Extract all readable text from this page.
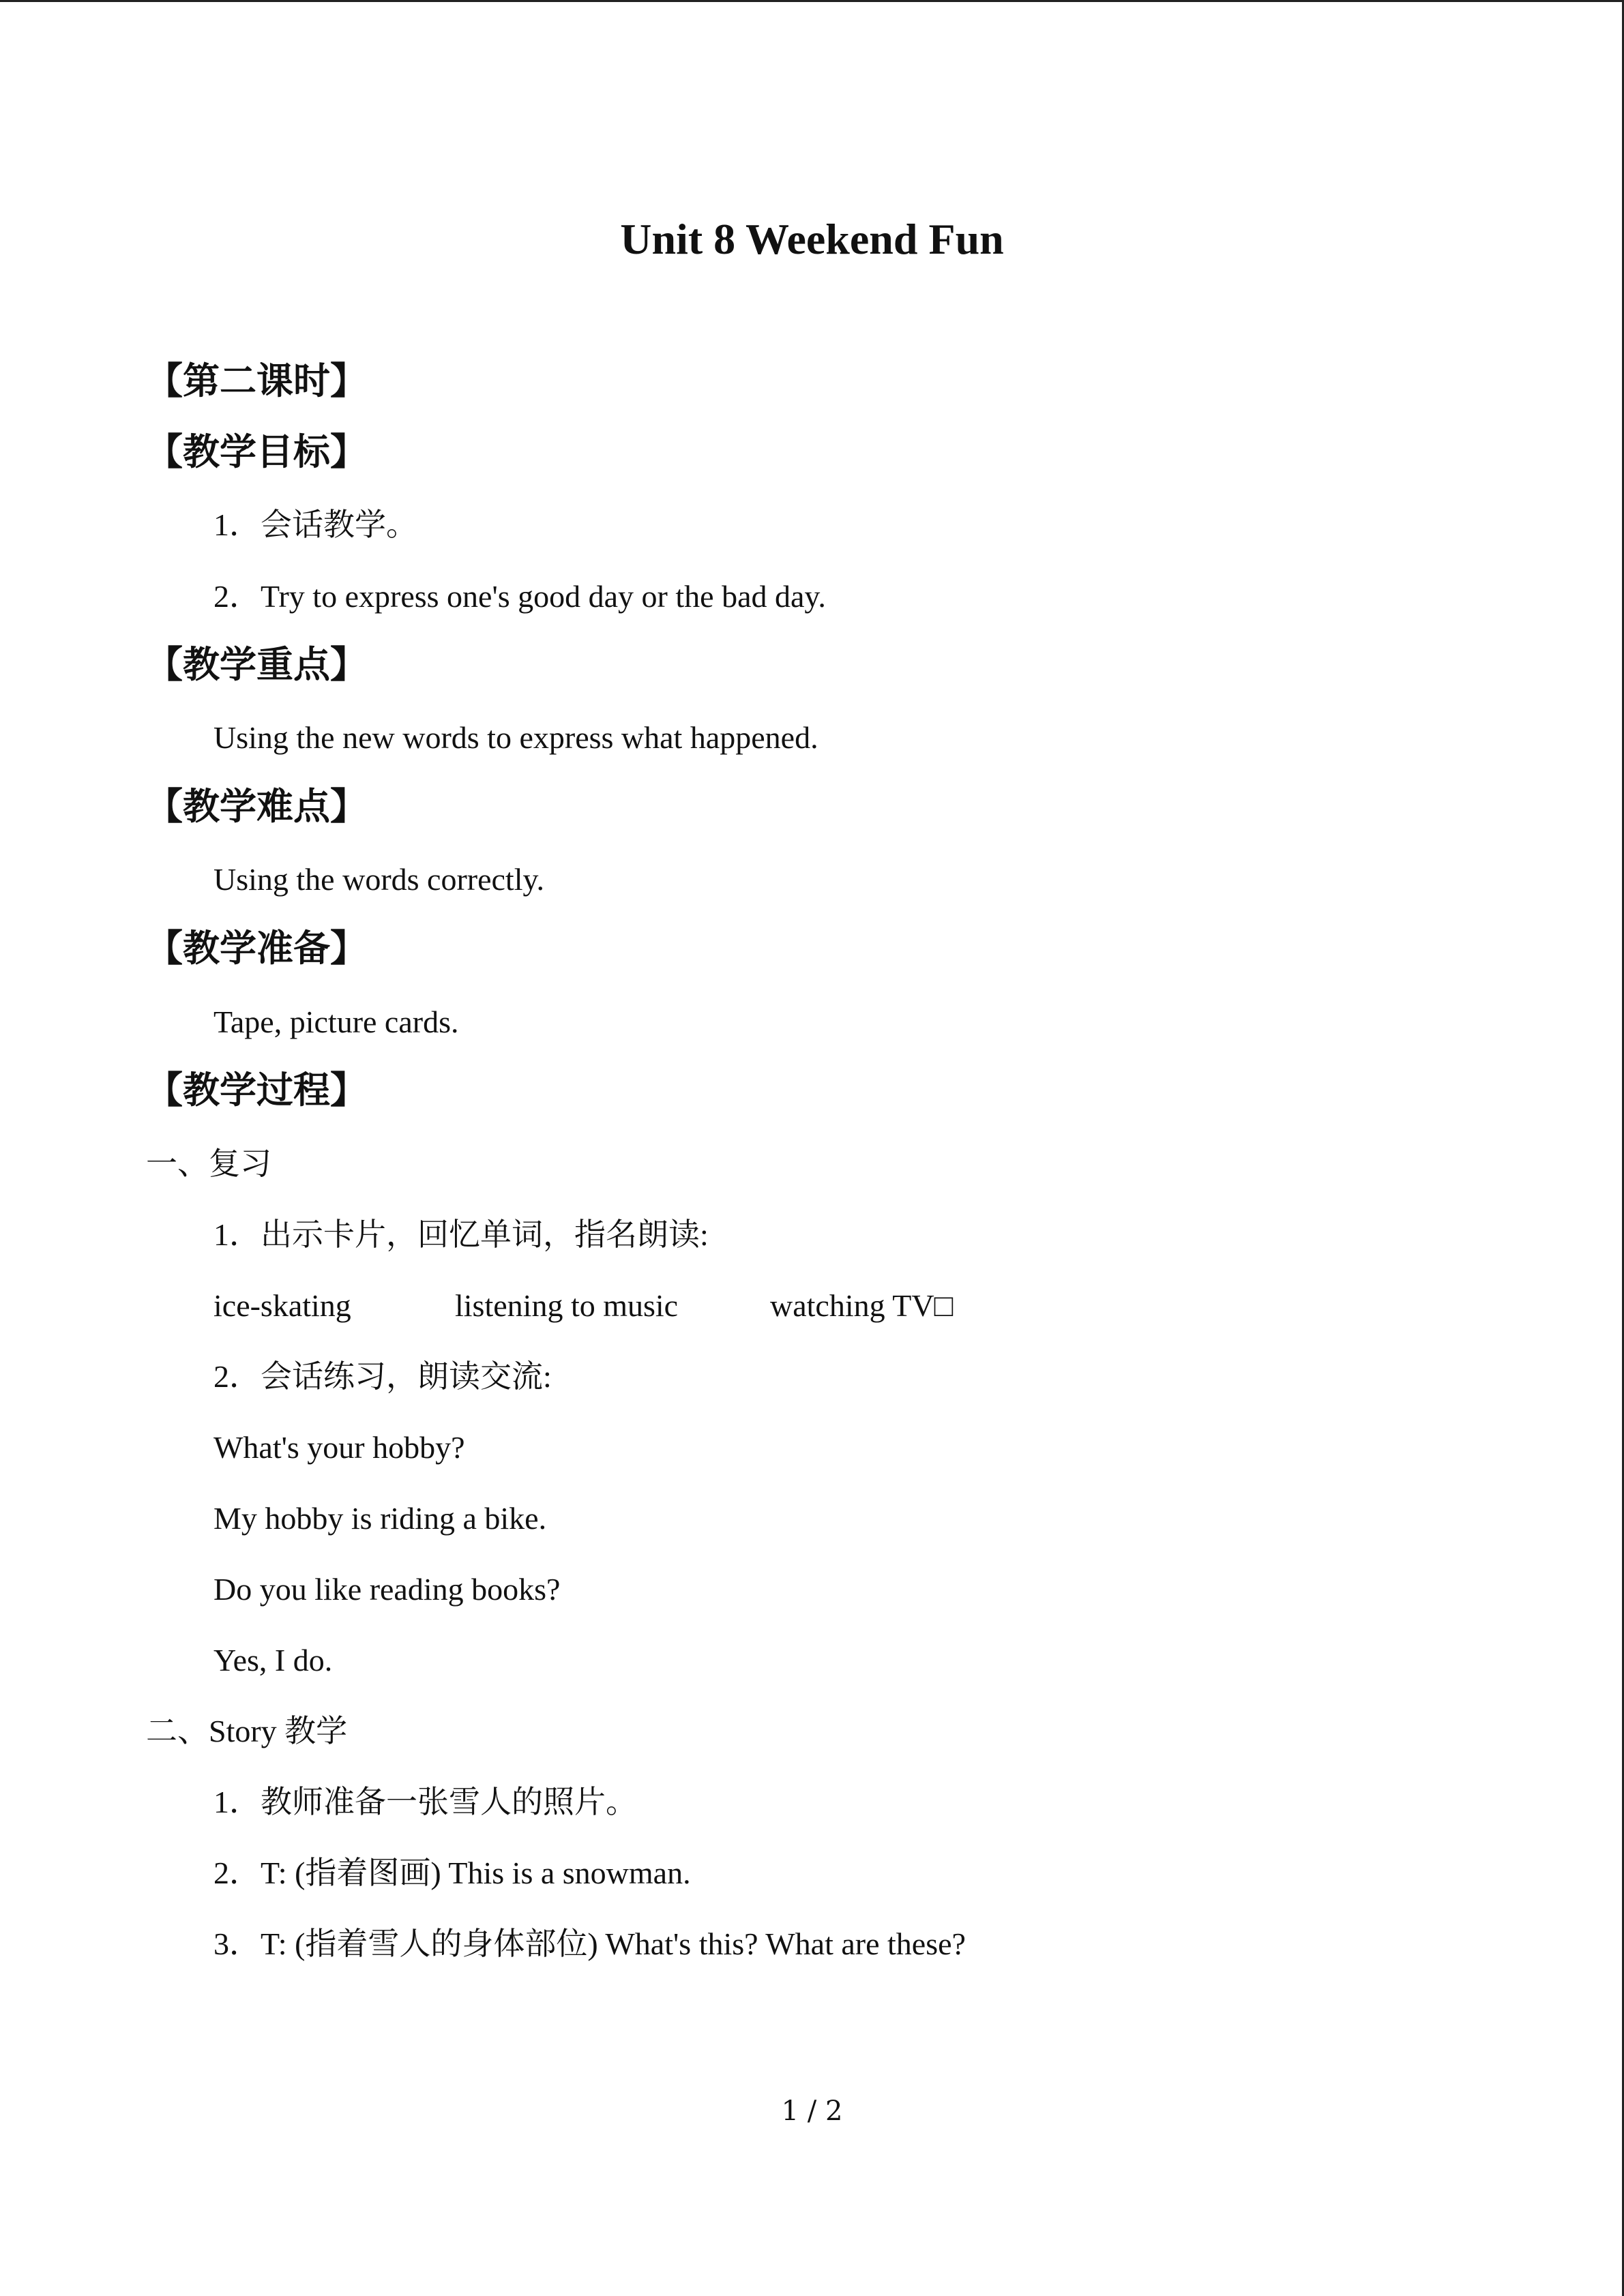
Unit 8 Weekend Fun
【第二课时】
【教学目标】
1．会话教学。
2．Try to express one's good day or the bad day.
【教学重点】
Using the new words to express what happened.
【教学难点】
Using the words correctly.
【教学准备】
Tape, picture cards.
【教学过程】
一、复习
1．出示卡片，回忆单词，指名朗读:
ice-skating	listening to music	watching TV□
2．会话练习，朗读交流:
What's your hobby?
My hobby is riding a bike.
Do you like reading books?
Yes, I do.
二、Story 教学
1．教师准备一张雪人的照片。
2．T: (指着图画) This is a snowman.
3．T: (指着雪人的身体部位) What's this? What are these?
1 / 2
